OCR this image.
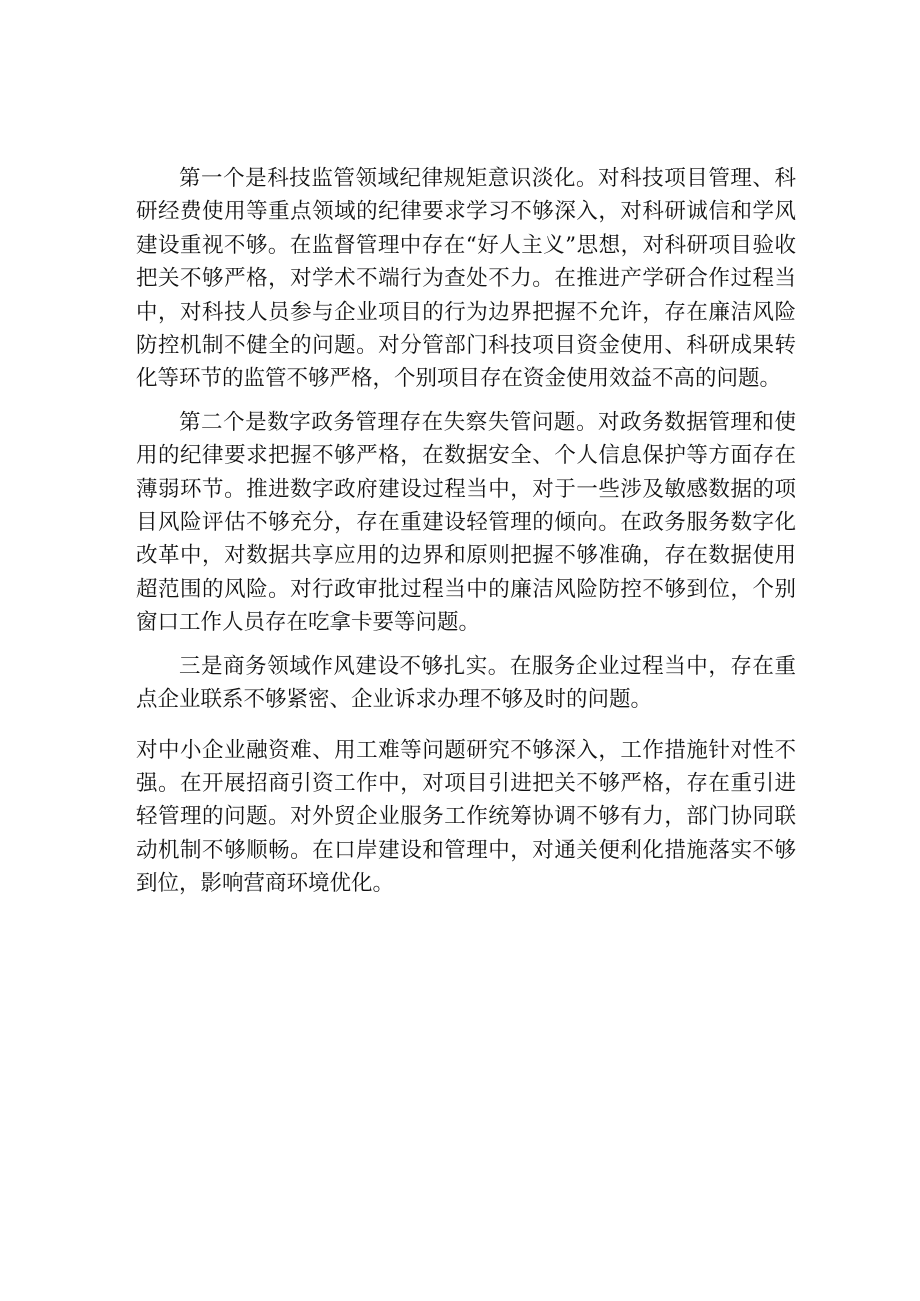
第一个是科技监管领域纪律规矩意识淡化。对科技项目管理、科研经费使用等重点领域的纪律要求学习不够深入，对科研诚信和学风建设重视不够。在监督管理中存在“好人主义”思想，对科研项目验收把关不够严格，对学术不端行为查处不力。在推进产学研合作过程当中，对科技人员参与企业项目的行为边界把握不允许，存在廉洁风险防控机制不健全的问题。对分管部门科技项目资金使用、科研成果转化等环节的监管不够严格，个别项目存在资金使用效益不高的问题。

第二个是数字政务管理存在失察失管问题。对政务数据管理和使用的纪律要求把握不够严格，在数据安全、个人信息保护等方面存在薄弱环节。推进数字政府建设过程当中，对于一些涉及敏感数据的项目风险评估不够充分，存在重建设轻管理的倾向。在政务服务数字化改革中，对数据共享应用的边界和原则把握不够准确，存在数据使用超范围的风险。对行政审批过程当中的廉洁风险防控不够到位，个别窗口工作人员存在吃拿卡要等问题。

三是商务领域作风建设不够扎实。在服务企业过程当中，存在重点企业联系不够紧密、企业诉求办理不够及时的问题。

对中小企业融资难、用工难等问题研究不够深入，工作措施针对性不强。在开展招商引资工作中，对项目引进把关不够严格，存在重引进轻管理的问题。对外贸企业服务工作统筹协调不够有力，部门协同联动机制不够顺畅。在口岸建设和管理中，对通关便利化措施落实不够到位，影响营商环境优化。
